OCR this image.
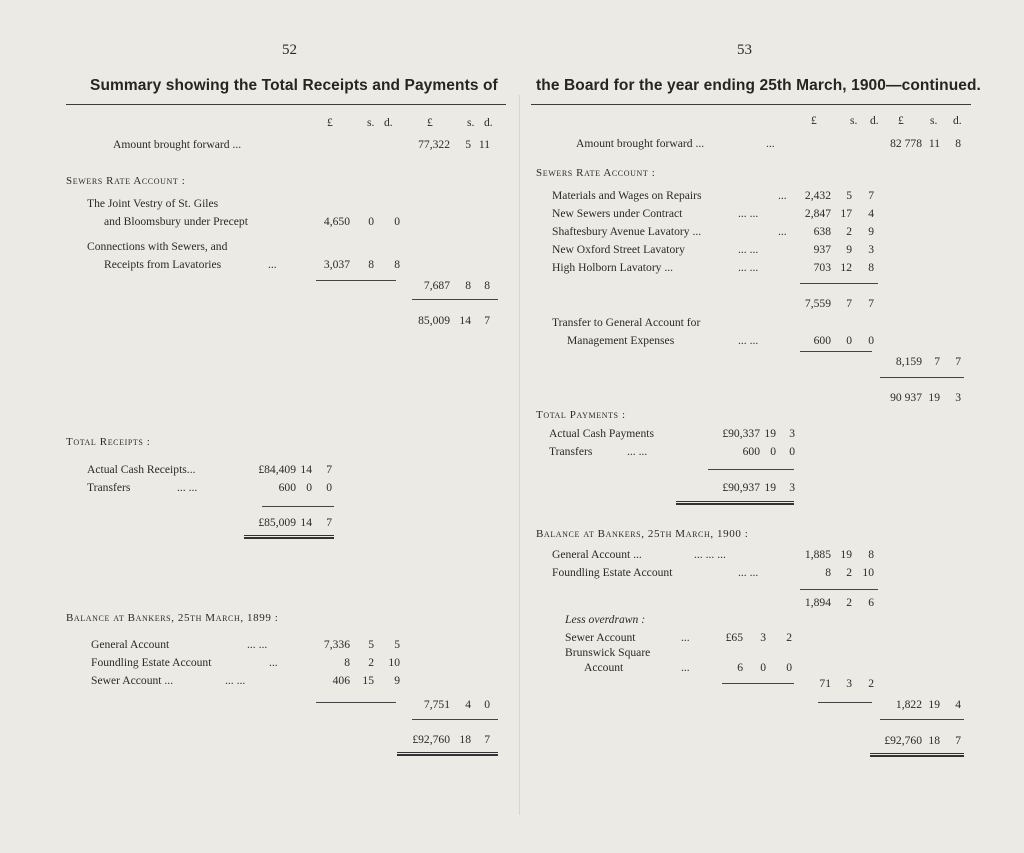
52
Summary showing the Total Receipts and Payments of
£	s. d.	£	s. d.
Amount brought forward ...	77,322	5 11
Sewers Rate Account :
The Joint Vestry of St. Giles
and Bloomsbury under Precept	4,650	0	0
Connections with Sewers, and
Receipts from Lavatories	...	3,037	8	8
7,687	8	8
85,009 14	7
Total Receipts :
Actual Cash Receipts...	£84,409 14	7
Transfers	... ...	600 0	0
£85,009 14	7
Balance at Bankers, 25th March, 1899 :
General Account	... ...	7,336	5	5
Foundling Estate Account	...	8	2	10
Sewer Account ...	... ...	406	15	9
7,751	4	0
£92,760 18	7
53
the Board for the year ending 25th March, 1900—continued.
£	s. d. £ s. d.
Amount brought forward ...	...	82 778 11	8
Sewers Rate Account :
Materials and Wages on Repairs	...	2,432	5	7
New Sewers under Contract	... ...	2,847 17	4
Shaftesbury Avenue Lavatory ...	...	638	2	9
New Oxford Street Lavatory	... ...	937	9	3
High Holborn Lavatory ...	... ...	703 12	8
7,559	7	7
Transfer to General Account for
Management Expenses	... ...	600	0	0
8,159	7	7
90 937 19	3
Total Payments :
Actual Cash Payments	£90,337 19	3
Transfers	... ...	600 0	0
£90,937 19	3
Balance at Bankers, 25th March, 1900 :
General Account ...	... ... ...	1,885 19	8
Foundling Estate Account	... ...	8	2 10
1,894	2	6
Less overdrawn :
Sewer Account	...	£65	3	2
Brunswick Square
Account	...	6	0	0
71	3	2
1,822 19	4
£92,760 18	7
